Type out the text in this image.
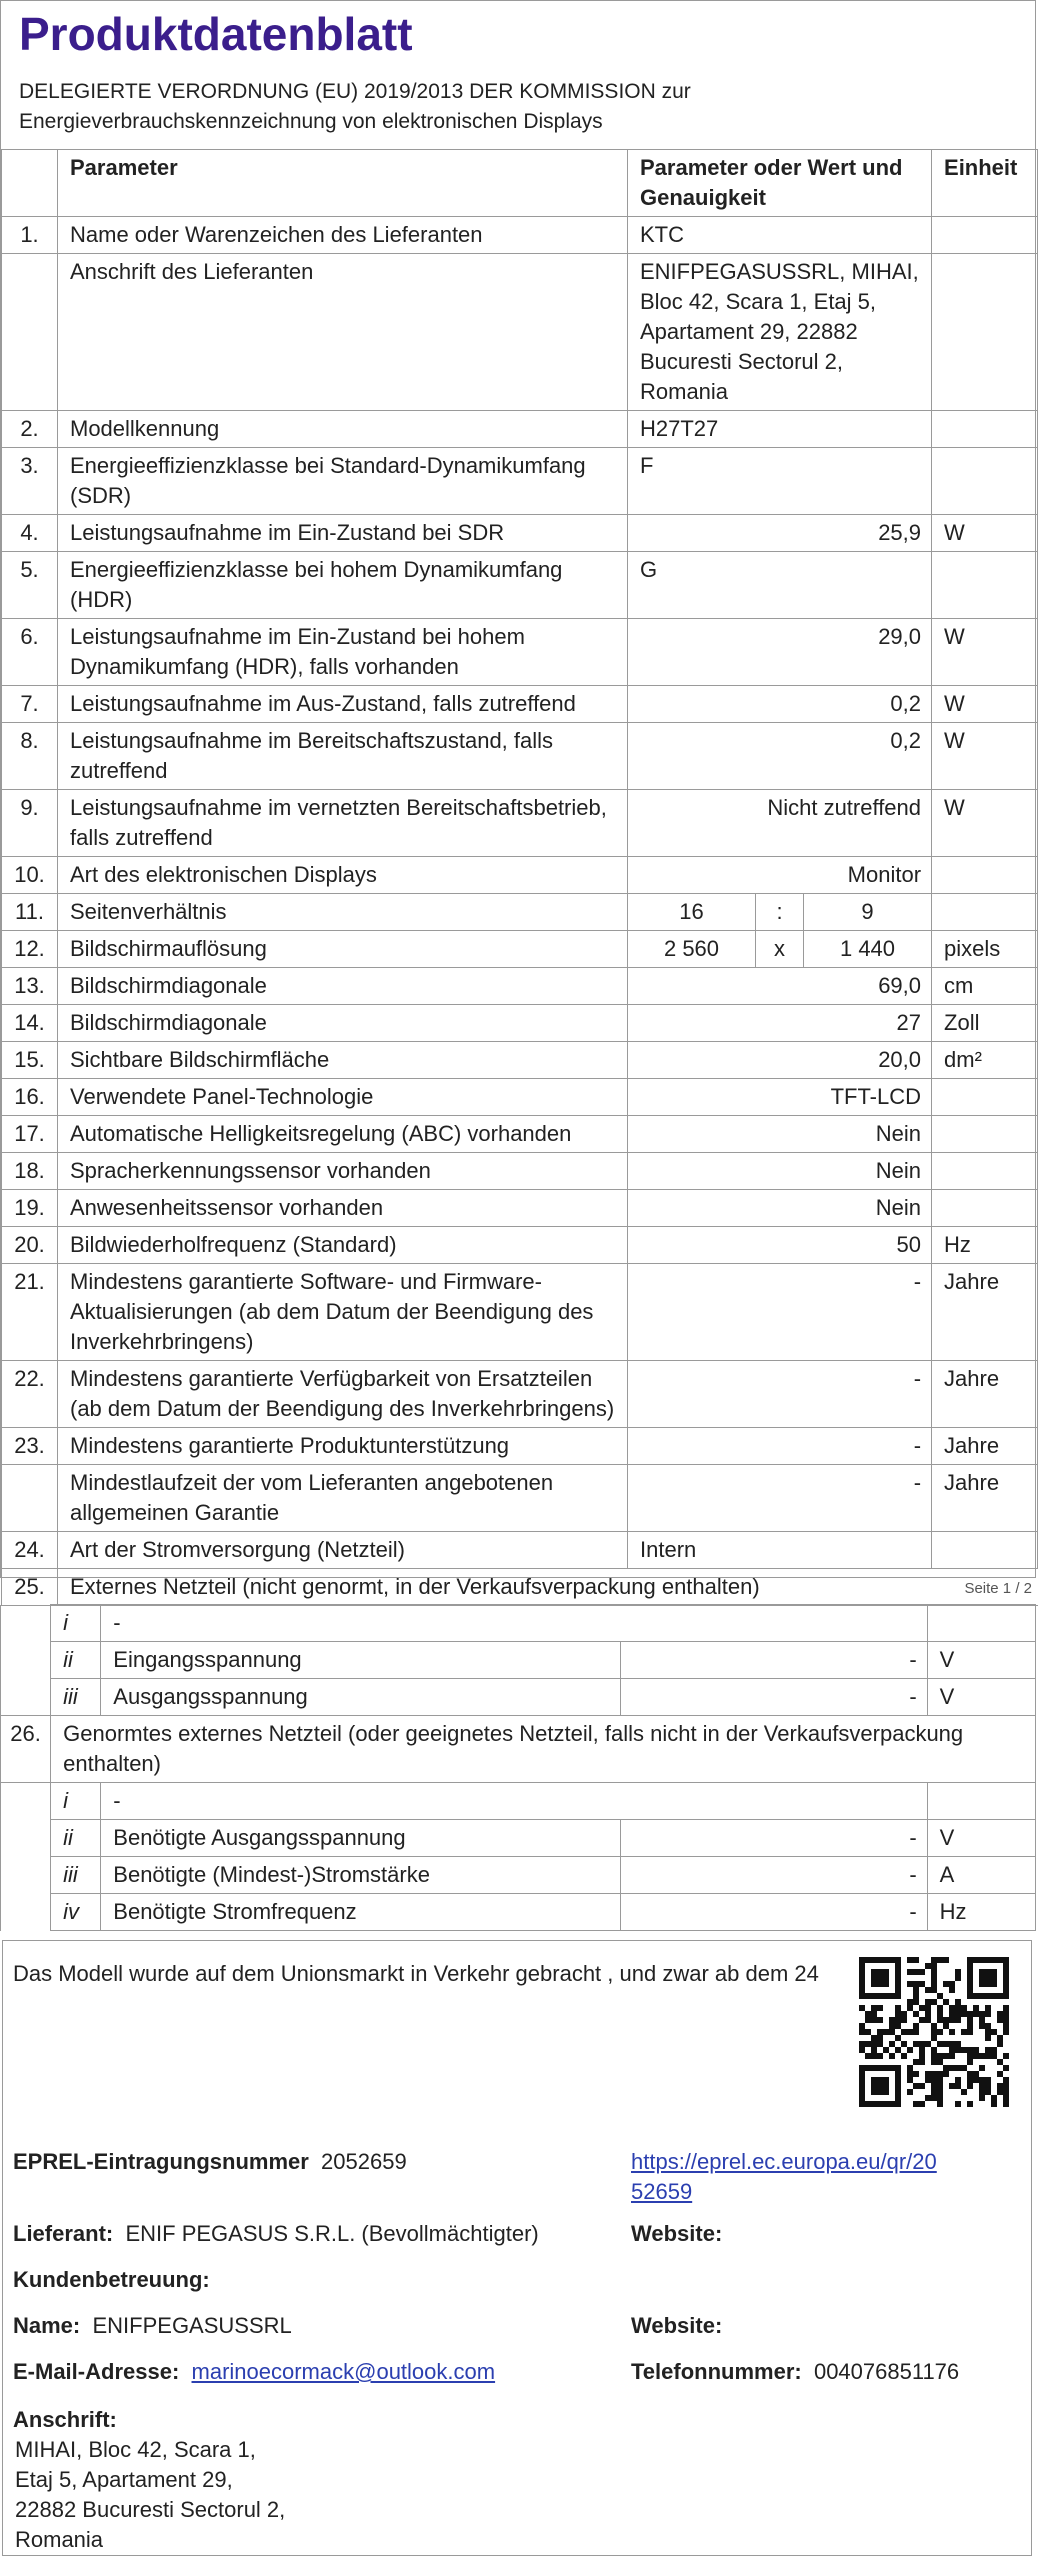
Produktdatenblatt

DELEGIERTE VERORDNUNG (EU) 2019/2013 DER KOMMISSION zur Energieverbrauchskennzeichnung von elektronischen Displays

	Parameter	Parameter oder Wert und Genauigkeit			Einheit
1.	Name oder Warenzeichen des Lieferanten	KTC			
	Anschrift des Lieferanten	ENIFPEGASUSSRL, MIHAI, Bloc 42, Scara 1, Etaj 5, Apartament 29, 22882 Bucuresti Sectorul 2, Romania			
2.	Modellkennung	H27T27			
3.	Energieeffizienzklasse bei Standard-Dynamikumfang (SDR)	F			
4.	Leistungsaufnahme im Ein-Zustand bei SDR	25,9			W
5.	Energieeffizienzklasse bei hohem Dynamikumfang (HDR)	G			
6.	Leistungsaufnahme im Ein-Zustand bei hohem Dynamikumfang (HDR), falls vorhanden	29,0			W
7.	Leistungsaufnahme im Aus-Zustand, falls zutreffend	0,2			W
8.	Leistungsaufnahme im Bereitschaftszustand, falls zutreffend	0,2			W
9.	Leistungsaufnahme im vernetzten Bereitschaftsbetrieb, falls zutreffend	Nicht zutreffend			W
10.	Art des elektronischen Displays	Monitor			
11.	Seitenverhältnis	16	:	9	
12.	Bildschirmauflösung	2 560	x	1 440	pixels
13.	Bildschirmdiagonale	69,0			cm
14.	Bildschirmdiagonale	27			Zoll
15.	Sichtbare Bildschirmfläche	20,0			dm²
16.	Verwendete Panel-Technologie	TFT-LCD			
17.	Automatische Helligkeitsregelung (ABC) vorhanden	Nein			
18.	Spracherkennungssensor vorhanden	Nein			
19.	Anwesenheitssensor vorhanden	Nein			
20.	Bildwiederholfrequenz (Standard)	50			Hz
21.	Mindestens garantierte Software- und Firmware-Aktualisierungen (ab dem Datum der Beendigung des Inverkehrbringens)	-			Jahre
22.	Mindestens garantierte Verfügbarkeit von Ersatzteilen (ab dem Datum der Beendigung des Inverkehrbringens)	-			Jahre
23.	Mindestens garantierte Produktunterstützung	-			Jahre
	Mindestlaufzeit der vom Lieferanten angebotenen allgemeinen Garantie	-			Jahre
24.	Art der Stromversorgung (Netzteil)	Intern			
25.	Externes Netzteil (nicht genormt, in der Verkaufsverpackung enthalten)					Seite 1 / 2
	i	-		
	ii	Eingangsspannung	-	V
	iii	Ausgangsspannung	-	V
26.	Genormtes externes Netzteil (oder geeignetes Netzteil, falls nicht in der Verkaufsverpackung enthalten)			
	i	-		
	ii	Benötigte Ausgangsspannung	-	V
	iii	Benötigte (Mindest-)Stromstärke	-	A
	iv	Benötigte Stromfrequenz	-	Hz
Das Modell wurde auf dem Unionsmarkt in Verkehr gebracht , und zwar ab dem 24
EPREL-Eintragungsnummer 2052659	https://eprel.ec.europa.eu/qr/20
52659
Lieferant: ENIF PEGASUS S.R.L. (Bevollmächtigter)	Website:
Kundenbetreuung:
Name: ENIFPEGASUSSRL	Website:
E-Mail-Adresse: marinoecormack@outlook.com	Telefonnummer: 004076851176
Anschrift:
MIHAI, Bloc 42, Scara 1,
Etaj 5, Apartament 29,
22882 Bucuresti Sectorul 2,
Romania
